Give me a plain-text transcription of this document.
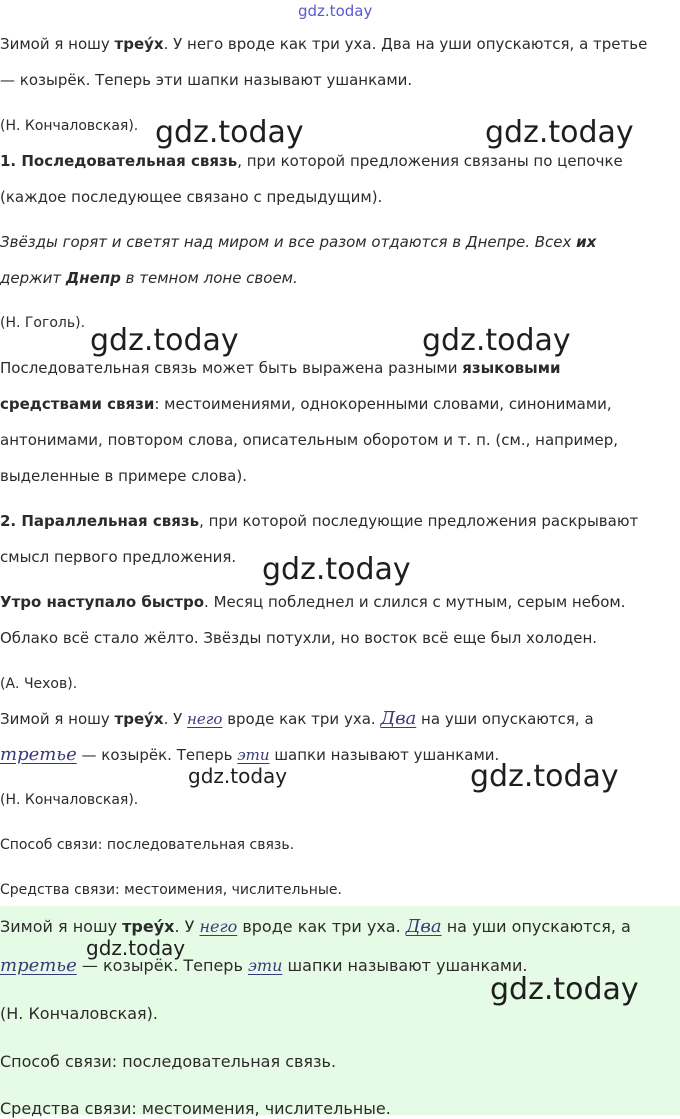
gdz.today
Зимой я ношу треу́х. У него вроде как три уха. Два на уши опускаются, а третье
— козырёк. Теперь эти шапки называют ушанками.
(Н. Кончаловская). gdz.today	gdz.today
1. Последовательная связь, при которой предложения связаны по цепочке
(каждое последующее связано с предыдущим).
Звёзды горят и светят над миром и все разом отдаются в Днепре. Всех их
держит Днепр в темном лоне своем.
(Н. Гоголь). gdz.today	gdz.today
Последовательная связь может быть выражена разными языковыми
средствами связи: местоимениями, однокоренными словами, синонимами,
антонимами, повтором слова, описательным оборотом и т. п. (см., например,
выделенные в примере слова).
2. Параллельная связь, при которой последующие предложения раскрывают
смысл первого предложения. gdz.today
Утро наступало быстро. Месяц побледнел и слился с мутным, серым небом.
Облако всё стало жёлто. Звёзды потухли, но восток всё еще был холоден.
(А. Чехов).
Зимой я ношу треу́х. У него вроде как три уха. Два на уши опускаются, а
третье — козырёк. Теперь эти шапки называют ушанками.
gdz.today	gdz.today
(Н. Кончаловская).
Способ связи: последовательная связь.
Средства связи: местоимения, числительные.
Зимой я ношу треу́х. У него вроде как три уха. Два на уши опускаются, а
gdz.today
третье — козырёк. Теперь эти шапки называют ушанками.
gdz.today
(Н. Кончаловская).
Способ связи: последовательная связь.
Средства связи: местоимения, числительные.
